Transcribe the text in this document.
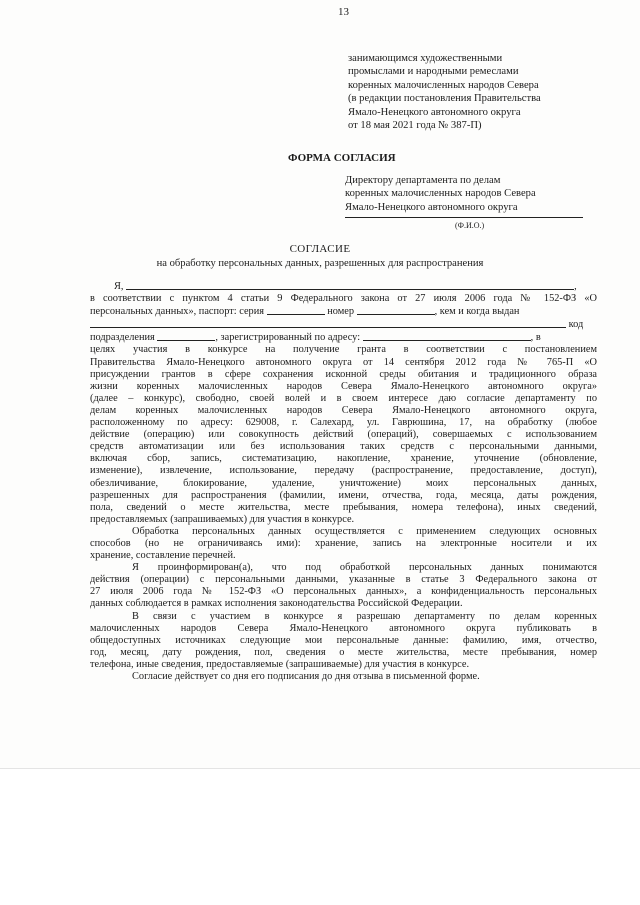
13
занимающимся художественными
промыслами и народными ремеслами
коренных малочисленных народов Севера
(в редакции постановления Правительства
Ямало-Ненецкого автономного округа
от 18 мая 2021 года № 387-П)
ФОРМА СОГЛАСИЯ
Директору департамента по делам
коренных малочисленных народов Севера
Ямало-Ненецкого автономного округа
(Ф.И.О.)
СОГЛАСИЕ
на обработку персональных данных, разрешенных для распространения
Я,	,
в соответствии с пунктом 4 статьи 9 Федерального закона от 27 июля 2006 года № 152-ФЗ «О
персональных данных», паспорт: серия	номер	, кем и когда выдан
код
подразделения	, зарегистрированный по адресу:	, в

целях участия в конкурсе на получение гранта в соответствии с постановлением
Правительства Ямало-Ненецкого автономного округа от 14 сентября 2012 года № 765-П «О
присуждении грантов в сфере сохранения исконной среды обитания и традиционного образа
жизни коренных малочисленных народов Севера Ямало-Ненецкого автономного округа»
(далее – конкурс), свободно, своей волей и в своем интересе даю согласие департаменту по
делам коренных малочисленных народов Севера Ямало-Ненецкого автономного округа,
расположенному по адресу: 629008, г. Салехард, ул. Гаврюшина, 17, на обработку (любое
действие (операцию) или совокупность действий (операций), совершаемых с использованием
средств автоматизации или без использования таких средств с персональными данными,
включая сбор, запись, систематизацию, накопление, хранение, уточнение (обновление,
изменение), извлечение, использование, передачу (распространение, предоставление, доступ),
обезличивание, блокирование, удаление, уничтожение) моих персональных данных,
разрешенных для распространения (фамилии, имени, отчества, года, месяца, даты рождения,
пола, сведений о месте жительства, месте пребывания, номера телефона), иных сведений,
предоставляемых (запрашиваемых) для участия в конкурсе.

Обработка персональных данных осуществляется с применением следующих основных
способов (но не ограничиваясь ими): хранение, запись на электронные носители и их
хранение, составление перечней.

Я проинформирован(а), что под обработкой персональных данных понимаются
действия (операции) с персональными данными, указанные в статье 3 Федерального закона от
27 июля 2006 года № 152-ФЗ «О персональных данных», а конфиденциальность персональных
данных соблюдается в рамках исполнения законодательства Российской Федерации.

В связи с участием в конкурсе я разрешаю департаменту по делам коренных
малочисленных народов Севера Ямало-Ненецкого автономного округа публиковать в
общедоступных источниках следующие мои персональные данные: фамилию, имя, отчество,
год, месяц, дату рождения, пол, сведения о месте жительства, месте пребывания, номер
телефона, иные сведения, предоставляемые (запрашиваемые) для участия в конкурсе.

Согласие действует со дня его подписания до дня отзыва в письменной форме.
